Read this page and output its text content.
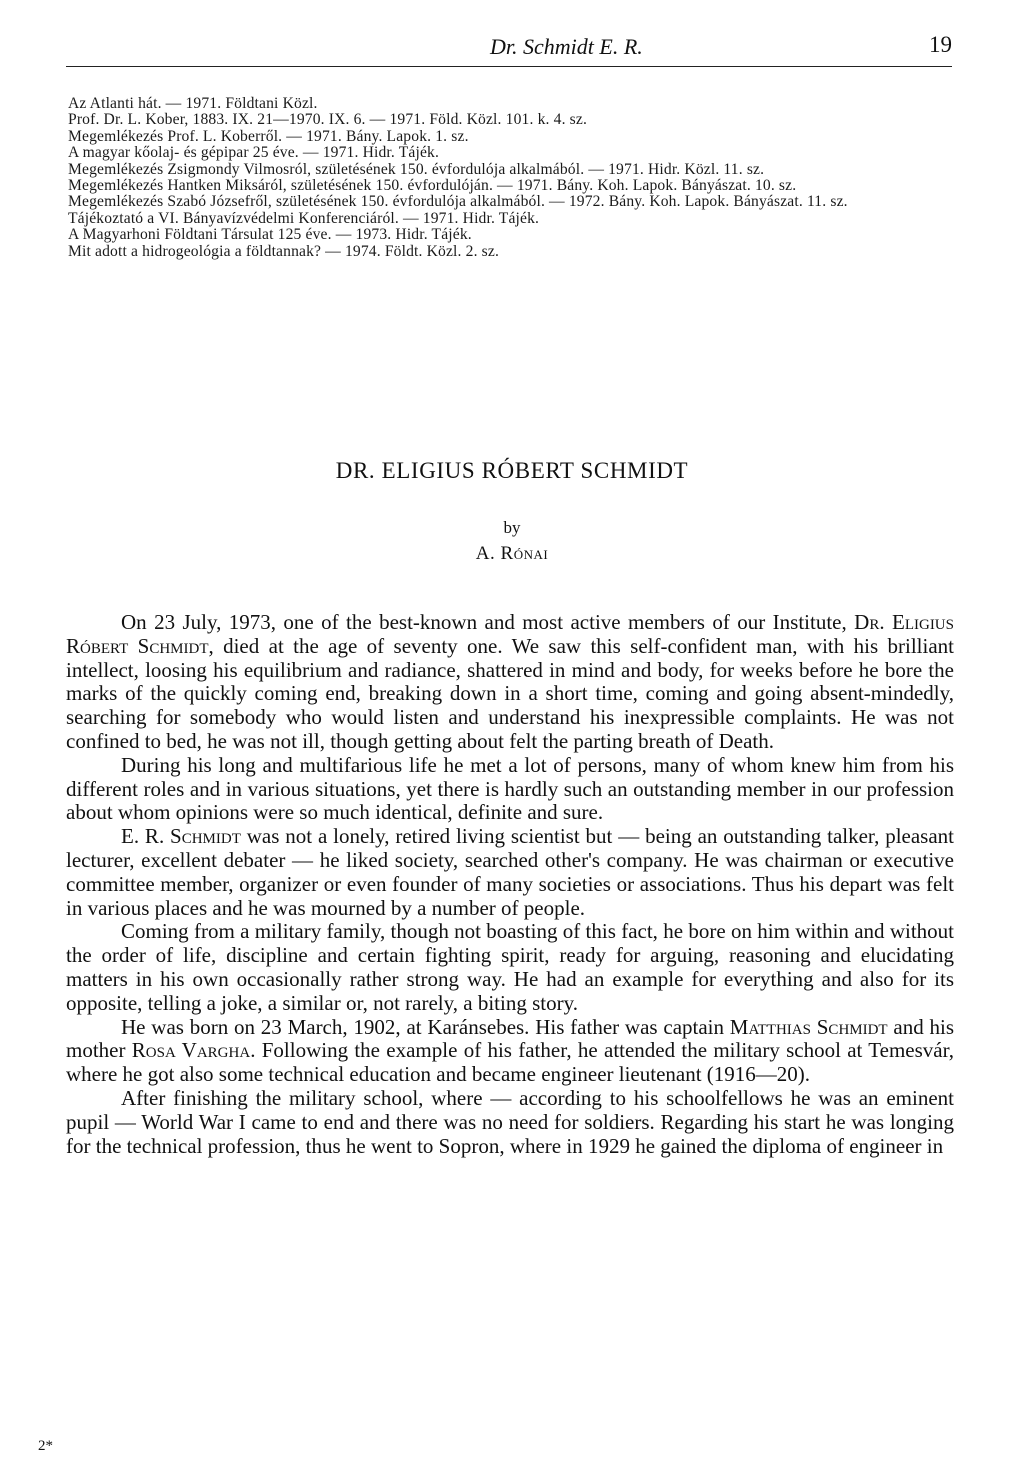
Dr. Schmidt E. R.	19
Az Atlanti hát. — 1971. Földtani Közl.
Prof. Dr. L. Kober, 1883. IX. 21—1970. IX. 6. — 1971. Föld. Közl. 101. k. 4. sz.
Megemlékezés Prof. L. Koberről. — 1971. Bány. Lapok. 1. sz.
A magyar kőolaj- és gépipar 25 éve. — 1971. Hidr. Tájék.
Megemlékezés Zsigmondy Vilmosról, születésének 150. évfordulója alkalmából. — 1971. Hidr. Közl. 11. sz.
Megemlékezés Hantken Miksáról, születésének 150. évfordulóján. — 1971. Bány. Koh. Lapok. Bányászat. 10. sz.
Megemlékezés Szabó Józsefről, születésének 150. évfordulója alkalmából. — 1972. Bány. Koh. Lapok. Bányászat. 11. sz.
Tájékoztató a VI. Bányavízvédelmi Konferenciáról. — 1971. Hidr. Tájék.
A Magyarhoni Földtani Társulat 125 éve. — 1973. Hidr. Tájék.
Mit adott a hidrogeológia a földtannak? — 1974. Földt. Közl. 2. sz.
DR. ELIGIUS RÓBERT SCHMIDT
by
A. Rónai

On 23 July, 1973, one of the best-known and most active members of our Institute, Dr. Eligius Róbert Schmidt, died at the age of seventy one. We saw this self-confident man, with his brilliant intellect, loosing his equilibrium and radiance, shattered in mind and body, for weeks before he bore the marks of the quickly coming end, breaking down in a short time, coming and going absent-mindedly, searching for somebody who would listen and understand his inexpressible complaints. He was not confined to bed, he was not ill, though getting about felt the parting breath of Death.

During his long and multifarious life he met a lot of persons, many of whom knew him from his different roles and in various situations, yet there is hardly such an outstanding member in our profession about whom opinions were so much identical, definite and sure.

E. R. Schmidt was not a lonely, retired living scientist but — being an outstanding talker, pleasant lecturer, excellent debater — he liked society, searched other's company. He was chairman or executive committee member, organizer or even founder of many societies or associations. Thus his depart was felt in various places and he was mourned by a number of people.

Coming from a military family, though not boasting of this fact, he bore on him within and without the order of life, discipline and certain fighting spirit, ready for arguing, reasoning and elucidating matters in his own occasionally rather strong way. He had an example for everything and also for its opposite, telling a joke, a similar or, not rarely, a biting story.

He was born on 23 March, 1902, at Karánsebes. His father was captain Matthias Schmidt and his mother Rosa Vargha. Following the example of his father, he attended the military school at Temesvár, where he got also some technical education and became engineer lieutenant (1916—20).

After finishing the military school, where — according to his schoolfellows he was an eminent pupil — World War I came to end and there was no need for soldiers. Regarding his start he was longing for the technical profession, thus he went to Sopron, where in 1929 he gained the diploma of engineer in

2*
